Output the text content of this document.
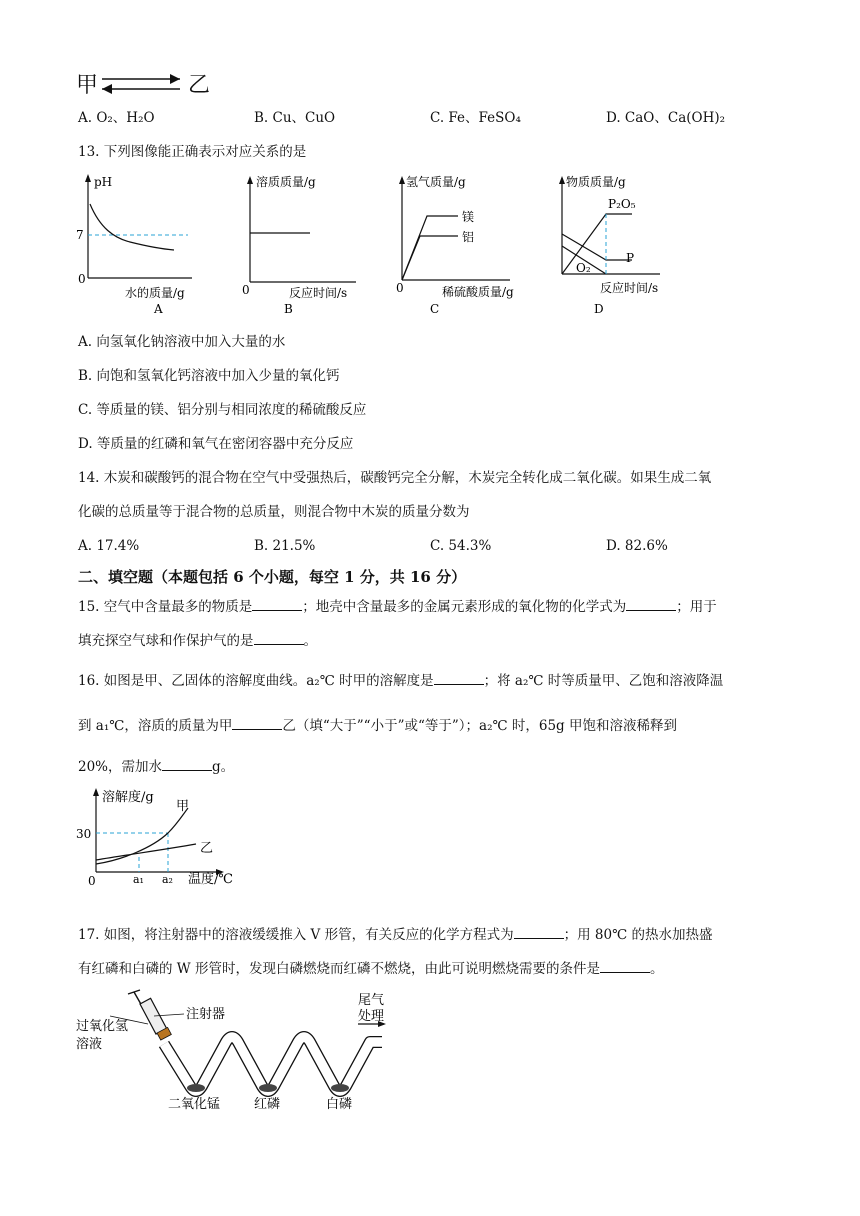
甲	乙
A. O₂、H₂O	B. Cu、CuO	C. Fe、FeSO₄	D. CaO、Ca(OH)₂
13. 下列图像能正确表示对应关系的是
pH
7
0
水的质量/g
A
溶质质量/g
0	反应时间/s
B
氢气质量/g
0
镁
铝
稀硫酸质量/g
C
物质质量/g
P₂O₅
P
O₂
反应时间/s
D
A. 向氢氧化钠溶液中加入大量的水
B. 向饱和氢氧化钙溶液中加入少量的氧化钙
C. 等质量的镁、铝分别与相同浓度的稀硫酸反应
D. 等质量的红磷和氧气在密闭容器中充分反应
14. 木炭和碳酸钙的混合物在空气中受强热后，碳酸钙完全分解，木炭完全转化成二氧化碳。如果生成二氧
化碳的总质量等于混合物的总质量，则混合物中木炭的质量分数为
A. 17.4%	B. 21.5%	C. 54.3%	D. 82.6%
二、填空题（本题包括 6 个小题，每空 1 分，共 16 分）
15. 空气中含量最多的物质是	；地壳中含量最多的金属元素形成的氧化物的化学式为	；用于
填充探空气球和作保护气的是	。
16. 如图是甲、乙固体的溶解度曲线。a₂℃ 时甲的溶解度是	；将 a₂℃ 时等质量甲、乙饱和溶液降温
到 a₁℃，溶质的质量为甲	乙（填“大于”“小于”或“等于”）；a₂℃ 时，65g 甲饱和溶液稀释到
20%，需加水	g。
溶解度/g
30
0
甲
乙
a₁ a₂ 温度/℃
17. 如图，将注射器中的溶液缓缓推入 V 形管，有关反应的化学方程式为	；用 80℃ 的热水加热盛
有红磷和白磷的 W 形管时，发现白磷燃烧而红磷不燃烧，由此可说明燃烧需要的条件是	。
过氧化氢
溶液
注射器
尾气
处理
二氧化锰	红磷	白磷
